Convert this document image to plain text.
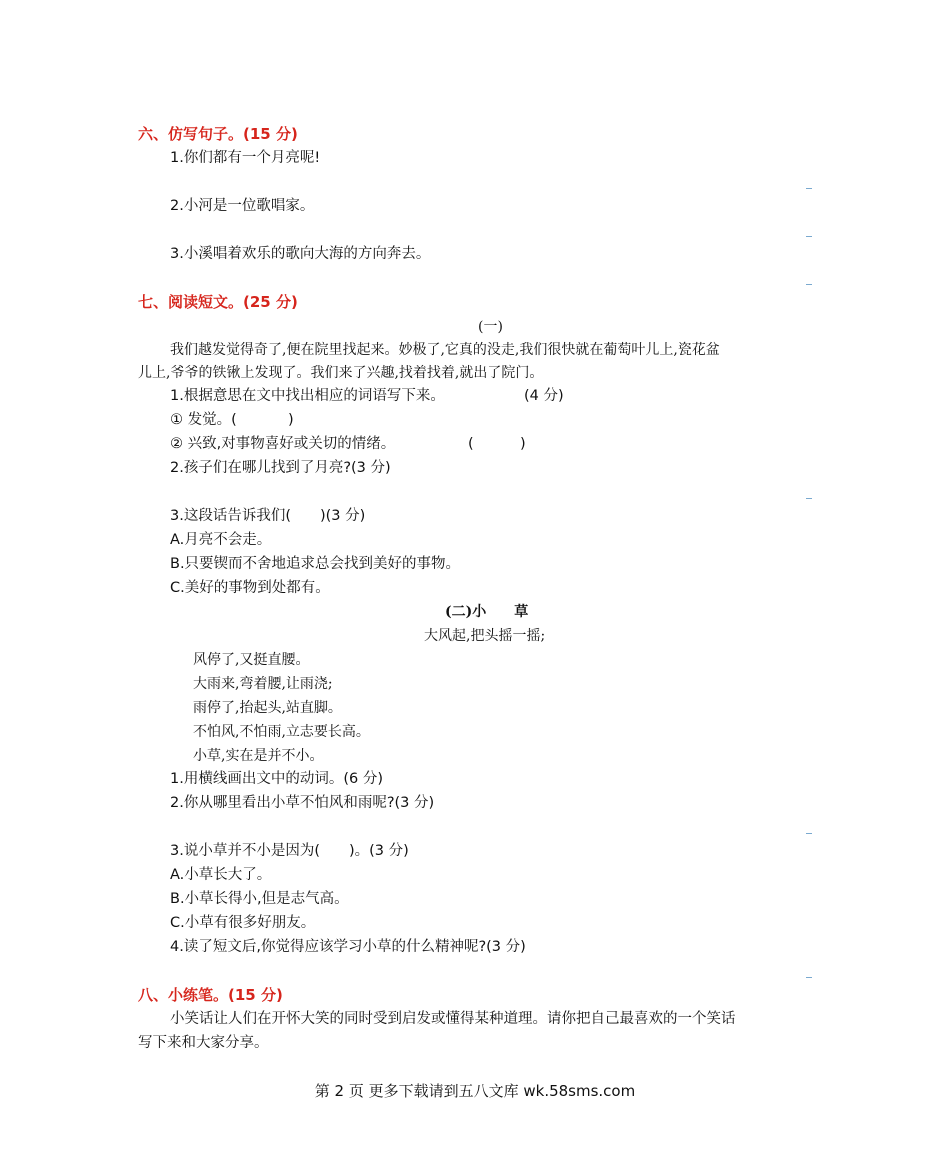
六、仿写句子。(15 分)
1.你们都有一个月亮呢!
2.小河是一位歌唱家。
3.小溪唱着欢乐的歌向大海的方向奔去。
七、阅读短文。(25 分)
(一)
我们越发觉得奇了,便在院里找起来。妙极了,它真的没走,我们很快就在葡萄叶儿上,瓷花盆
儿上,爷爷的铁锹上发现了。我们来了兴趣,找着找着,就出了院门。
1.根据意思在文中找出相应的词语写下来。	(4 分)
① 发觉。(	)
② 兴致,对事物喜好或关切的情绪。	(	)
2.孩子们在哪儿找到了月亮?(3 分)
3.这段话告诉我们(　　)(3 分)
A.月亮不会走。
B.只要锲而不舍地追求总会找到美好的事物。
C.美好的事物到处都有。
(二)小　　草
大风起,把头摇一摇;
风停了,又挺直腰。
大雨来,弯着腰,让雨浇;
雨停了,抬起头,站直脚。
不怕风,不怕雨,立志要长高。
小草,实在是并不小。
1.用横线画出文中的动词。(6 分)
2.你从哪里看出小草不怕风和雨呢?(3 分)
3.说小草并不小是因为(　　)。(3 分)
A.小草长大了。
B.小草长得小,但是志气高。
C.小草有很多好朋友。
4.读了短文后,你觉得应该学习小草的什么精神呢?(3 分)
八、小练笔。(15 分)
小笑话让人们在开怀大笑的同时受到启发或懂得某种道理。请你把自己最喜欢的一个笑话
写下来和大家分享。
第 2 页 更多下载请到五八文库 wk.58sms.com
